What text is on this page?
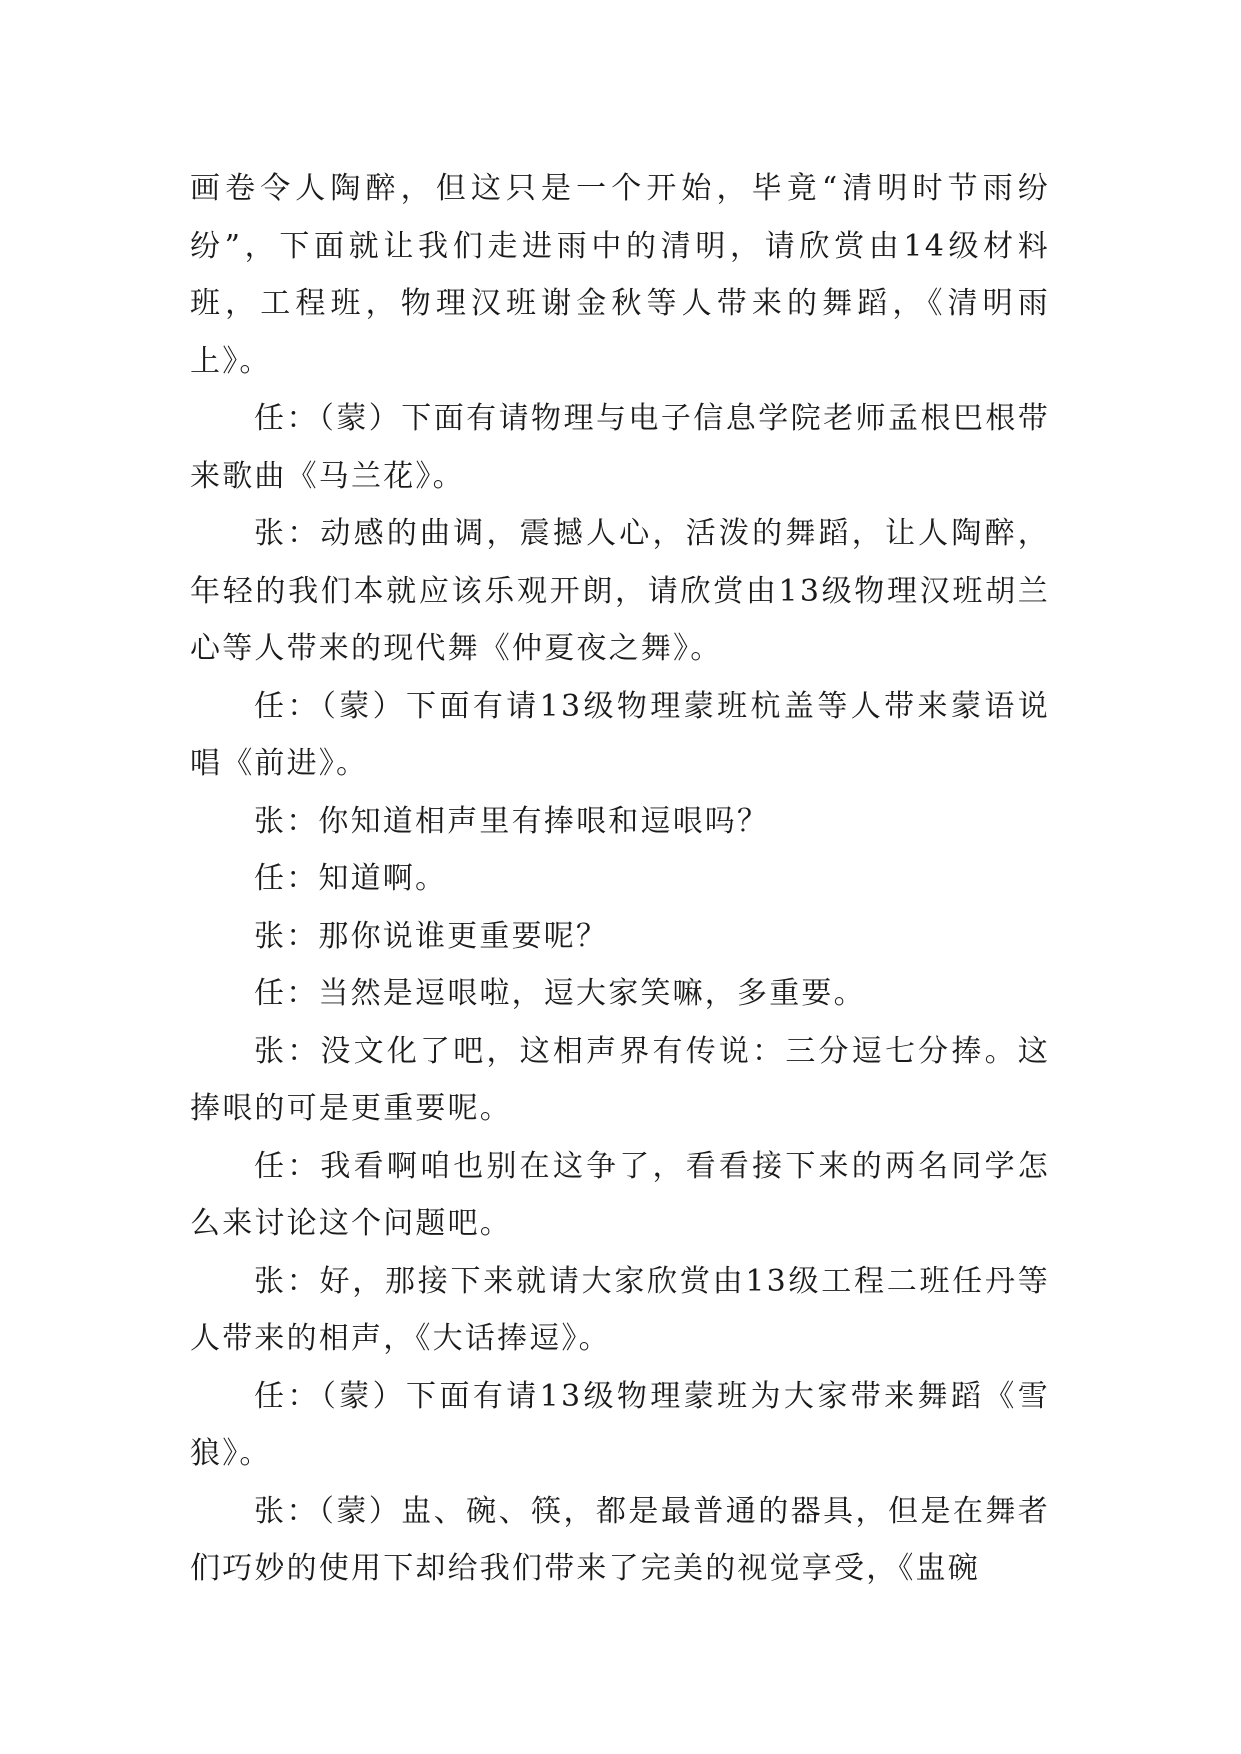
画卷令人陶醉，但这只是一个开始，毕竟“清明时节雨纷纷”，下面就让我们走进雨中的清明，请欣赏由14级材料班，工程班，物理汉班谢金秋等人带来的舞蹈，《清明雨上》。

任：（蒙）下面有请物理与电子信息学院老师孟根巴根带来歌曲《马兰花》。

张：动感的曲调，震撼人心，活泼的舞蹈，让人陶醉，年轻的我们本就应该乐观开朗，请欣赏由13级物理汉班胡兰心等人带来的现代舞《仲夏夜之舞》。

任：（蒙）下面有请13级物理蒙班杭盖等人带来蒙语说唱《前进》。

张：你知道相声里有捧哏和逗哏吗？

任：知道啊。

张：那你说谁更重要呢？

任：当然是逗哏啦，逗大家笑嘛，多重要。

张：没文化了吧，这相声界有传说：三分逗七分捧。这捧哏的可是更重要呢。

任：我看啊咱也别在这争了，看看接下来的两名同学怎么来讨论这个问题吧。

张：好，那接下来就请大家欣赏由13级工程二班任丹等人带来的相声，《大话捧逗》。

任：（蒙）下面有请13级物理蒙班为大家带来舞蹈《雪狼》。

张：（蒙）盅、碗、筷，都是最普通的器具，但是在舞者们巧妙的使用下却给我们带来了完美的视觉享受，《盅碗
